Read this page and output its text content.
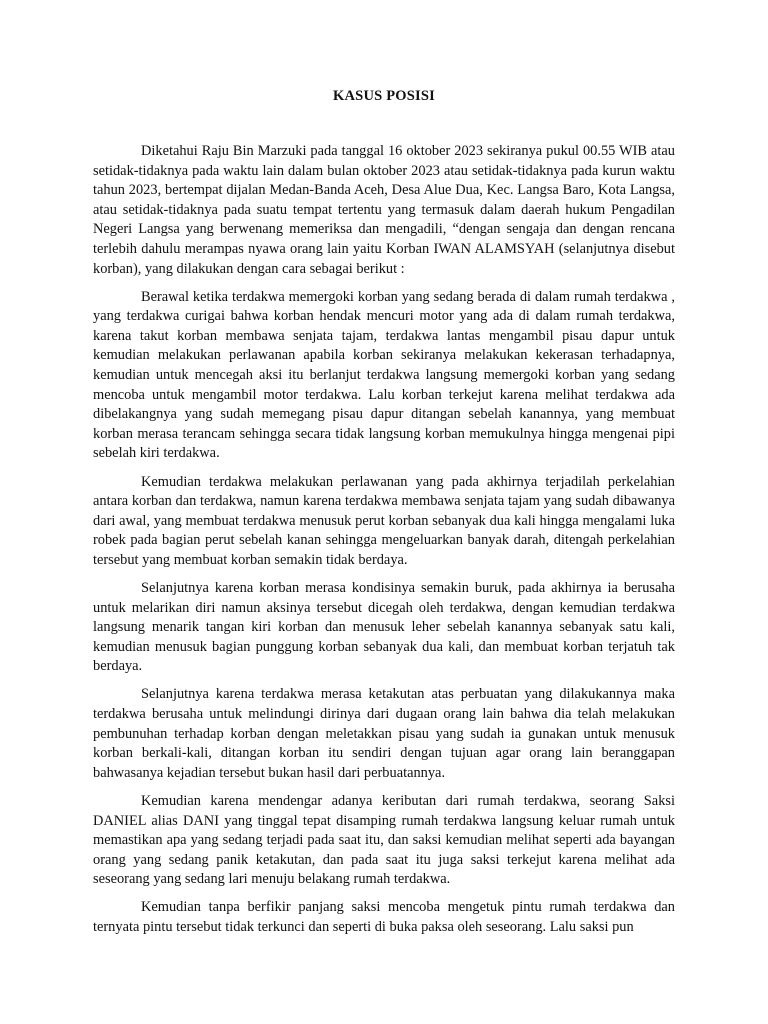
KASUS POSISI

Diketahui Raju Bin Marzuki pada tanggal 16 oktober 2023 sekiranya pukul 00.55 WIB atau setidak-tidaknya pada waktu lain dalam bulan oktober 2023 atau setidak-tidaknya pada kurun waktu tahun 2023, bertempat dijalan Medan-Banda Aceh, Desa Alue Dua, Kec. Langsa Baro, Kota Langsa, atau setidak-tidaknya pada suatu tempat tertentu yang termasuk dalam daerah hukum Pengadilan Negeri Langsa yang berwenang memeriksa dan mengadili, “dengan sengaja dan dengan rencana terlebih dahulu merampas nyawa orang lain yaitu Korban IWAN ALAMSYAH (selanjutnya disebut korban), yang dilakukan dengan cara sebagai berikut :

Berawal ketika terdakwa memergoki korban yang sedang berada di dalam rumah terdakwa , yang terdakwa curigai bahwa korban hendak mencuri motor yang ada di dalam rumah terdakwa, karena takut korban membawa senjata tajam, terdakwa lantas mengambil pisau dapur untuk kemudian melakukan perlawanan apabila korban sekiranya melakukan kekerasan terhadapnya, kemudian untuk mencegah aksi itu berlanjut terdakwa langsung memergoki korban yang sedang mencoba untuk mengambil motor terdakwa. Lalu korban terkejut karena melihat terdakwa ada dibelakangnya yang sudah memegang pisau dapur ditangan sebelah kanannya, yang membuat korban merasa terancam sehingga secara tidak langsung korban memukulnya hingga mengenai pipi sebelah kiri terdakwa.

Kemudian terdakwa melakukan perlawanan yang pada akhirnya terjadilah perkelahian antara korban dan terdakwa, namun karena terdakwa membawa senjata tajam yang sudah dibawanya dari awal, yang membuat terdakwa menusuk perut korban sebanyak dua kali hingga mengalami luka robek pada bagian perut sebelah kanan sehingga mengeluarkan banyak darah, ditengah perkelahian tersebut yang membuat korban semakin tidak berdaya.

Selanjutnya karena korban merasa kondisinya semakin buruk, pada akhirnya ia berusaha untuk melarikan diri namun aksinya tersebut dicegah oleh terdakwa, dengan kemudian terdakwa langsung menarik tangan kiri korban dan menusuk leher sebelah kanannya sebanyak satu kali, kemudian menusuk bagian punggung korban sebanyak dua kali, dan membuat korban terjatuh tak berdaya.

Selanjutnya karena terdakwa merasa ketakutan atas perbuatan yang dilakukannya maka terdakwa berusaha untuk melindungi dirinya dari dugaan orang lain bahwa dia telah melakukan pembunuhan terhadap korban dengan meletakkan pisau yang sudah ia gunakan untuk menusuk korban berkali-kali, ditangan korban itu sendiri dengan tujuan agar orang lain beranggapan bahwasanya kejadian tersebut bukan hasil dari perbuatannya.

Kemudian karena mendengar adanya keributan dari rumah terdakwa, seorang Saksi DANIEL alias DANI yang tinggal tepat disamping rumah terdakwa langsung keluar rumah untuk memastikan apa yang sedang terjadi pada saat itu, dan saksi kemudian melihat seperti ada bayangan orang yang sedang panik ketakutan, dan pada saat itu juga saksi terkejut karena melihat ada seseorang yang sedang lari menuju belakang rumah terdakwa.

Kemudian tanpa berfikir panjang saksi mencoba mengetuk pintu rumah terdakwa dan ternyata pintu tersebut tidak terkunci dan seperti di buka paksa oleh seseorang. Lalu saksi pun
